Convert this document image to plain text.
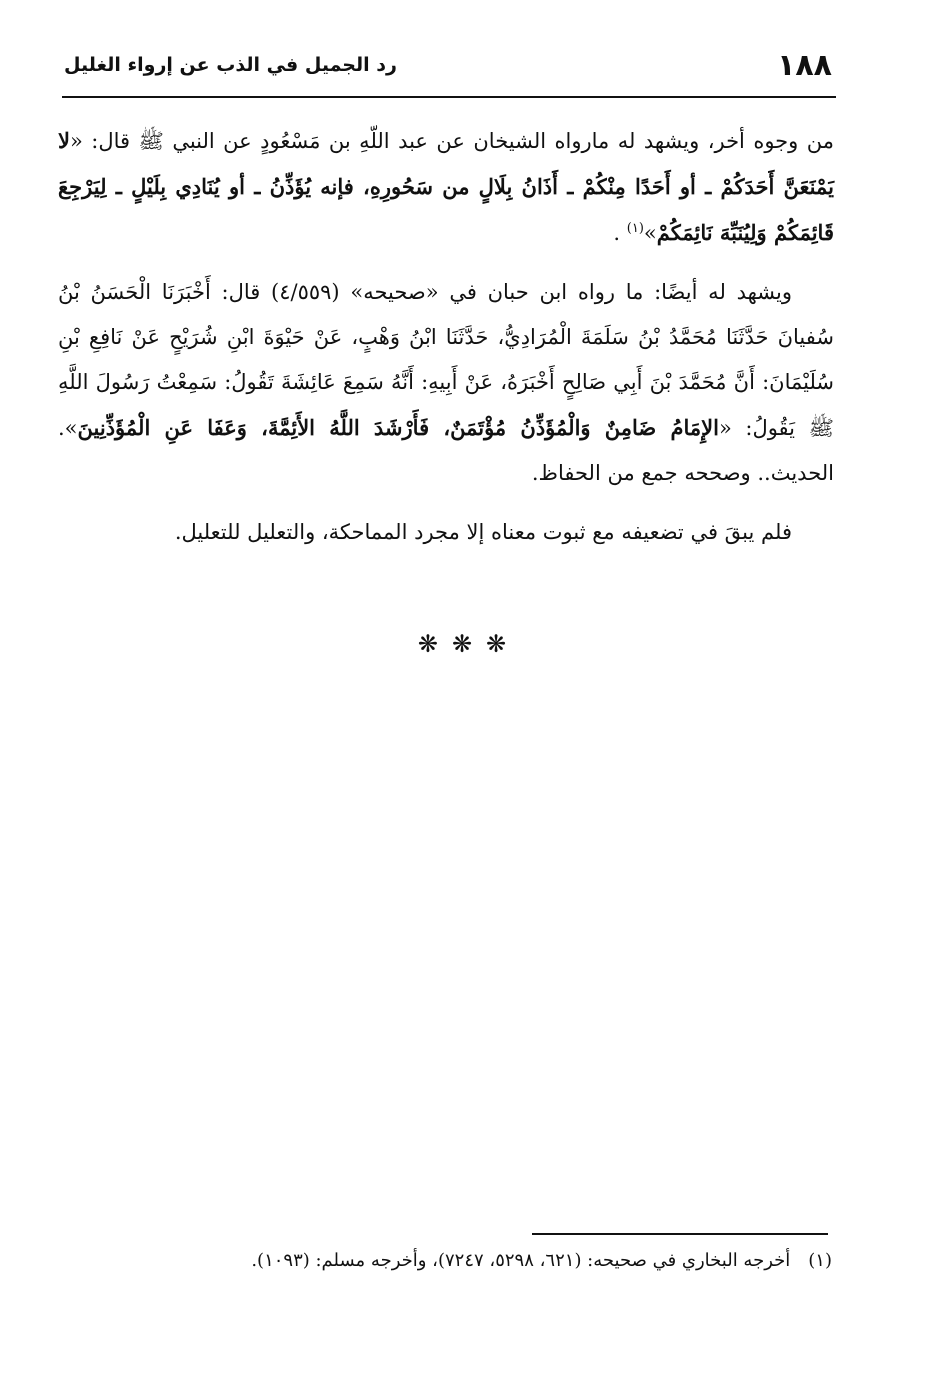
١٨٨
رد الجميل في الذب عن إرواء الغليل

من وجوه أخر، ويشهد له مارواه الشيخان عن عبد اللّهِ بن مَسْعُودٍ عن النبي ﷺ قال: «لا يَمْنَعَنَّ أَحَدَكُمْ ـ أو أَحَدًا مِنْكُمْ ـ أَذَانُ بِلَالٍ من سَحُورِهِ، فإنه يُؤَذِّنُ ـ أو يُنَادِي بِلَيْلٍ ـ لِيَرْجِعَ قَائِمَكُمْ وَلِيُنَبِّهَ نَائِمَكُمْ»$^{(١)}$ .

ويشهد له أيضًا: ما رواه ابن حبان في «صحيحه» (٤/٥٥٩) قال: أَخْبَرَنَا الْحَسَنُ بْنُ سُفيانَ حَدَّثَنَا مُحَمَّدُ بْنُ سَلَمَةَ الْمُرَادِيُّ، حَدَّثَنَا ابْنُ وَهْبٍ، عَنْ حَيْوَةَ ابْنِ شُرَيْحٍ عَنْ نَافِعِ بْنِ سُلَيْمَانَ: أَنَّ مُحَمَّدَ بْنَ أَبِي صَالِحٍ أَخْبَرَهُ، عَنْ أَبِيهِ: أَنَّهُ سَمِعَ عَائِشَةَ تَقُولُ: سَمِعْتُ رَسُولَ اللَّهِ ﷺ يَقُولُ: «الإِمَامُ ضَامِنٌ وَالْمُؤَذِّنُ مُؤْتَمَنٌ، فَأَرْشَدَ اللَّهُ الأَئِمَّةَ، وَعَفَا عَنِ الْمُؤَذِّنِينَ». الحديث.. وصححه جمع من الحفاظ.

فلم يبقَ في تضعيفه مع ثبوت معناه إلا مجرد المماحكة، والتعليل للتعليل.

❋❋❋
(١)أخرجه البخاري في صحيحه: (٦٢١، ٥٢٩٨، ٧٢٤٧)، وأخرجه مسلم: (١٠٩٣).
